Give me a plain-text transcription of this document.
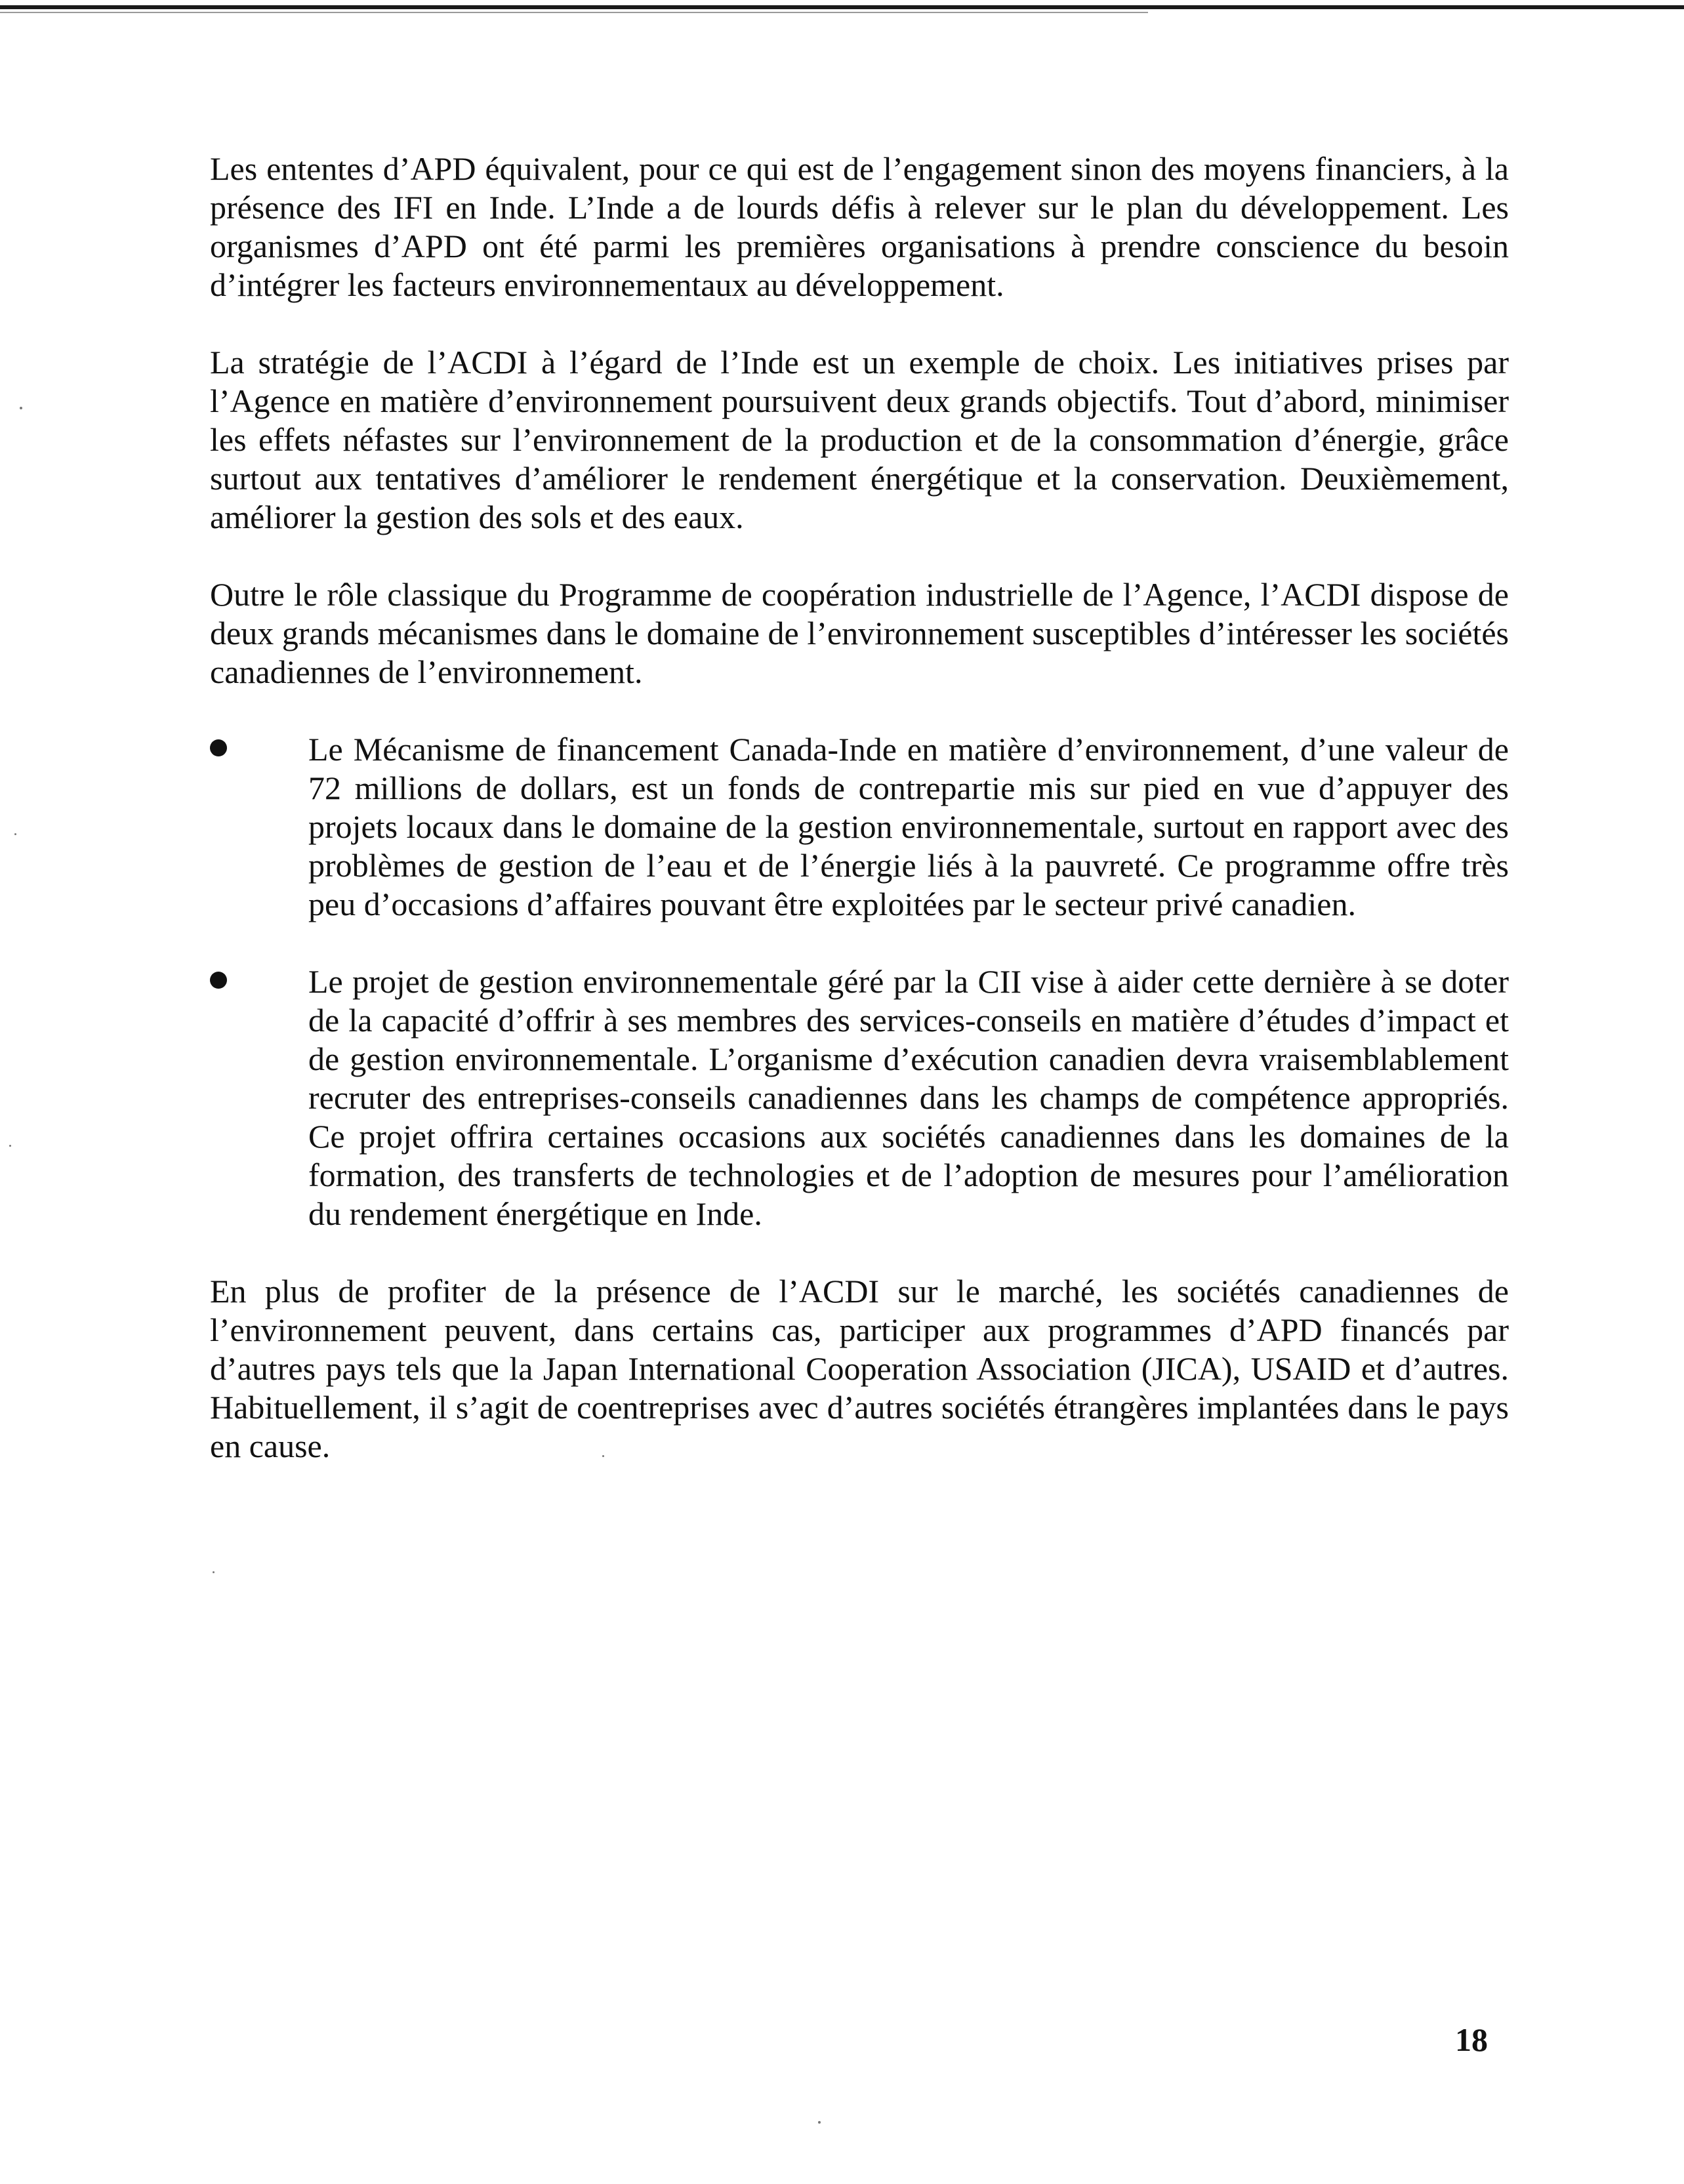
Les ententes d’APD équivalent, pour ce qui est de l’engagement sinon des moyens financiers, à la présence des IFI en Inde. L’Inde a de lourds défis à relever sur le plan du développement. Les organismes d’APD ont été parmi les premières organisations à prendre conscience du besoin d’intégrer les facteurs environnementaux au développement.

La stratégie de l’ACDI à l’égard de l’Inde est un exemple de choix. Les initiatives prises par l’Agence en matière d’environnement poursuivent deux grands objectifs. Tout d’abord, minimiser les effets néfastes sur l’environnement de la production et de la consommation d’énergie, grâce surtout aux tentatives d’améliorer le rendement énergétique et la conservation. Deuxièmement, améliorer la gestion des sols et des eaux.

Outre le rôle classique du Programme de coopération industrielle de l’Agence, l’ACDI dispose de deux grands mécanismes dans le domaine de l’environnement susceptibles d’intéresser les sociétés canadiennes de l’environnement.

Le Mécanisme de financement Canada-Inde en matière d’environnement, d’une valeur de 72 millions de dollars, est un fonds de contrepartie mis sur pied en vue d’appuyer des projets locaux dans le domaine de la gestion environnementale, surtout en rapport avec des problèmes de gestion de l’eau et de l’énergie liés à la pauvreté. Ce programme offre très peu d’occasions d’affaires pouvant être exploitées par le secteur privé canadien.
Le projet de gestion environnementale géré par la CII vise à aider cette dernière à se doter de la capacité d’offrir à ses membres des services-conseils en matière d’études d’impact et de gestion environnementale. L’organisme d’exécution canadien devra vraisemblablement recruter des entreprises-conseils canadiennes dans les champs de compétence appropriés. Ce projet offrira certaines occasions aux sociétés canadiennes dans les domaines de la formation, des transferts de technologies et de l’adoption de mesures pour l’amélioration du rendement énergétique en Inde.

En plus de profiter de la présence de l’ACDI sur le marché, les sociétés canadiennes de l’environnement peuvent, dans certains cas, participer aux programmes d’APD financés par d’autres pays tels que la Japan International Cooperation Association (JICA), USAID et d’autres. Habituellement, il s’agit de coentreprises avec d’autres sociétés étrangères implantées dans le pays en cause.

18
